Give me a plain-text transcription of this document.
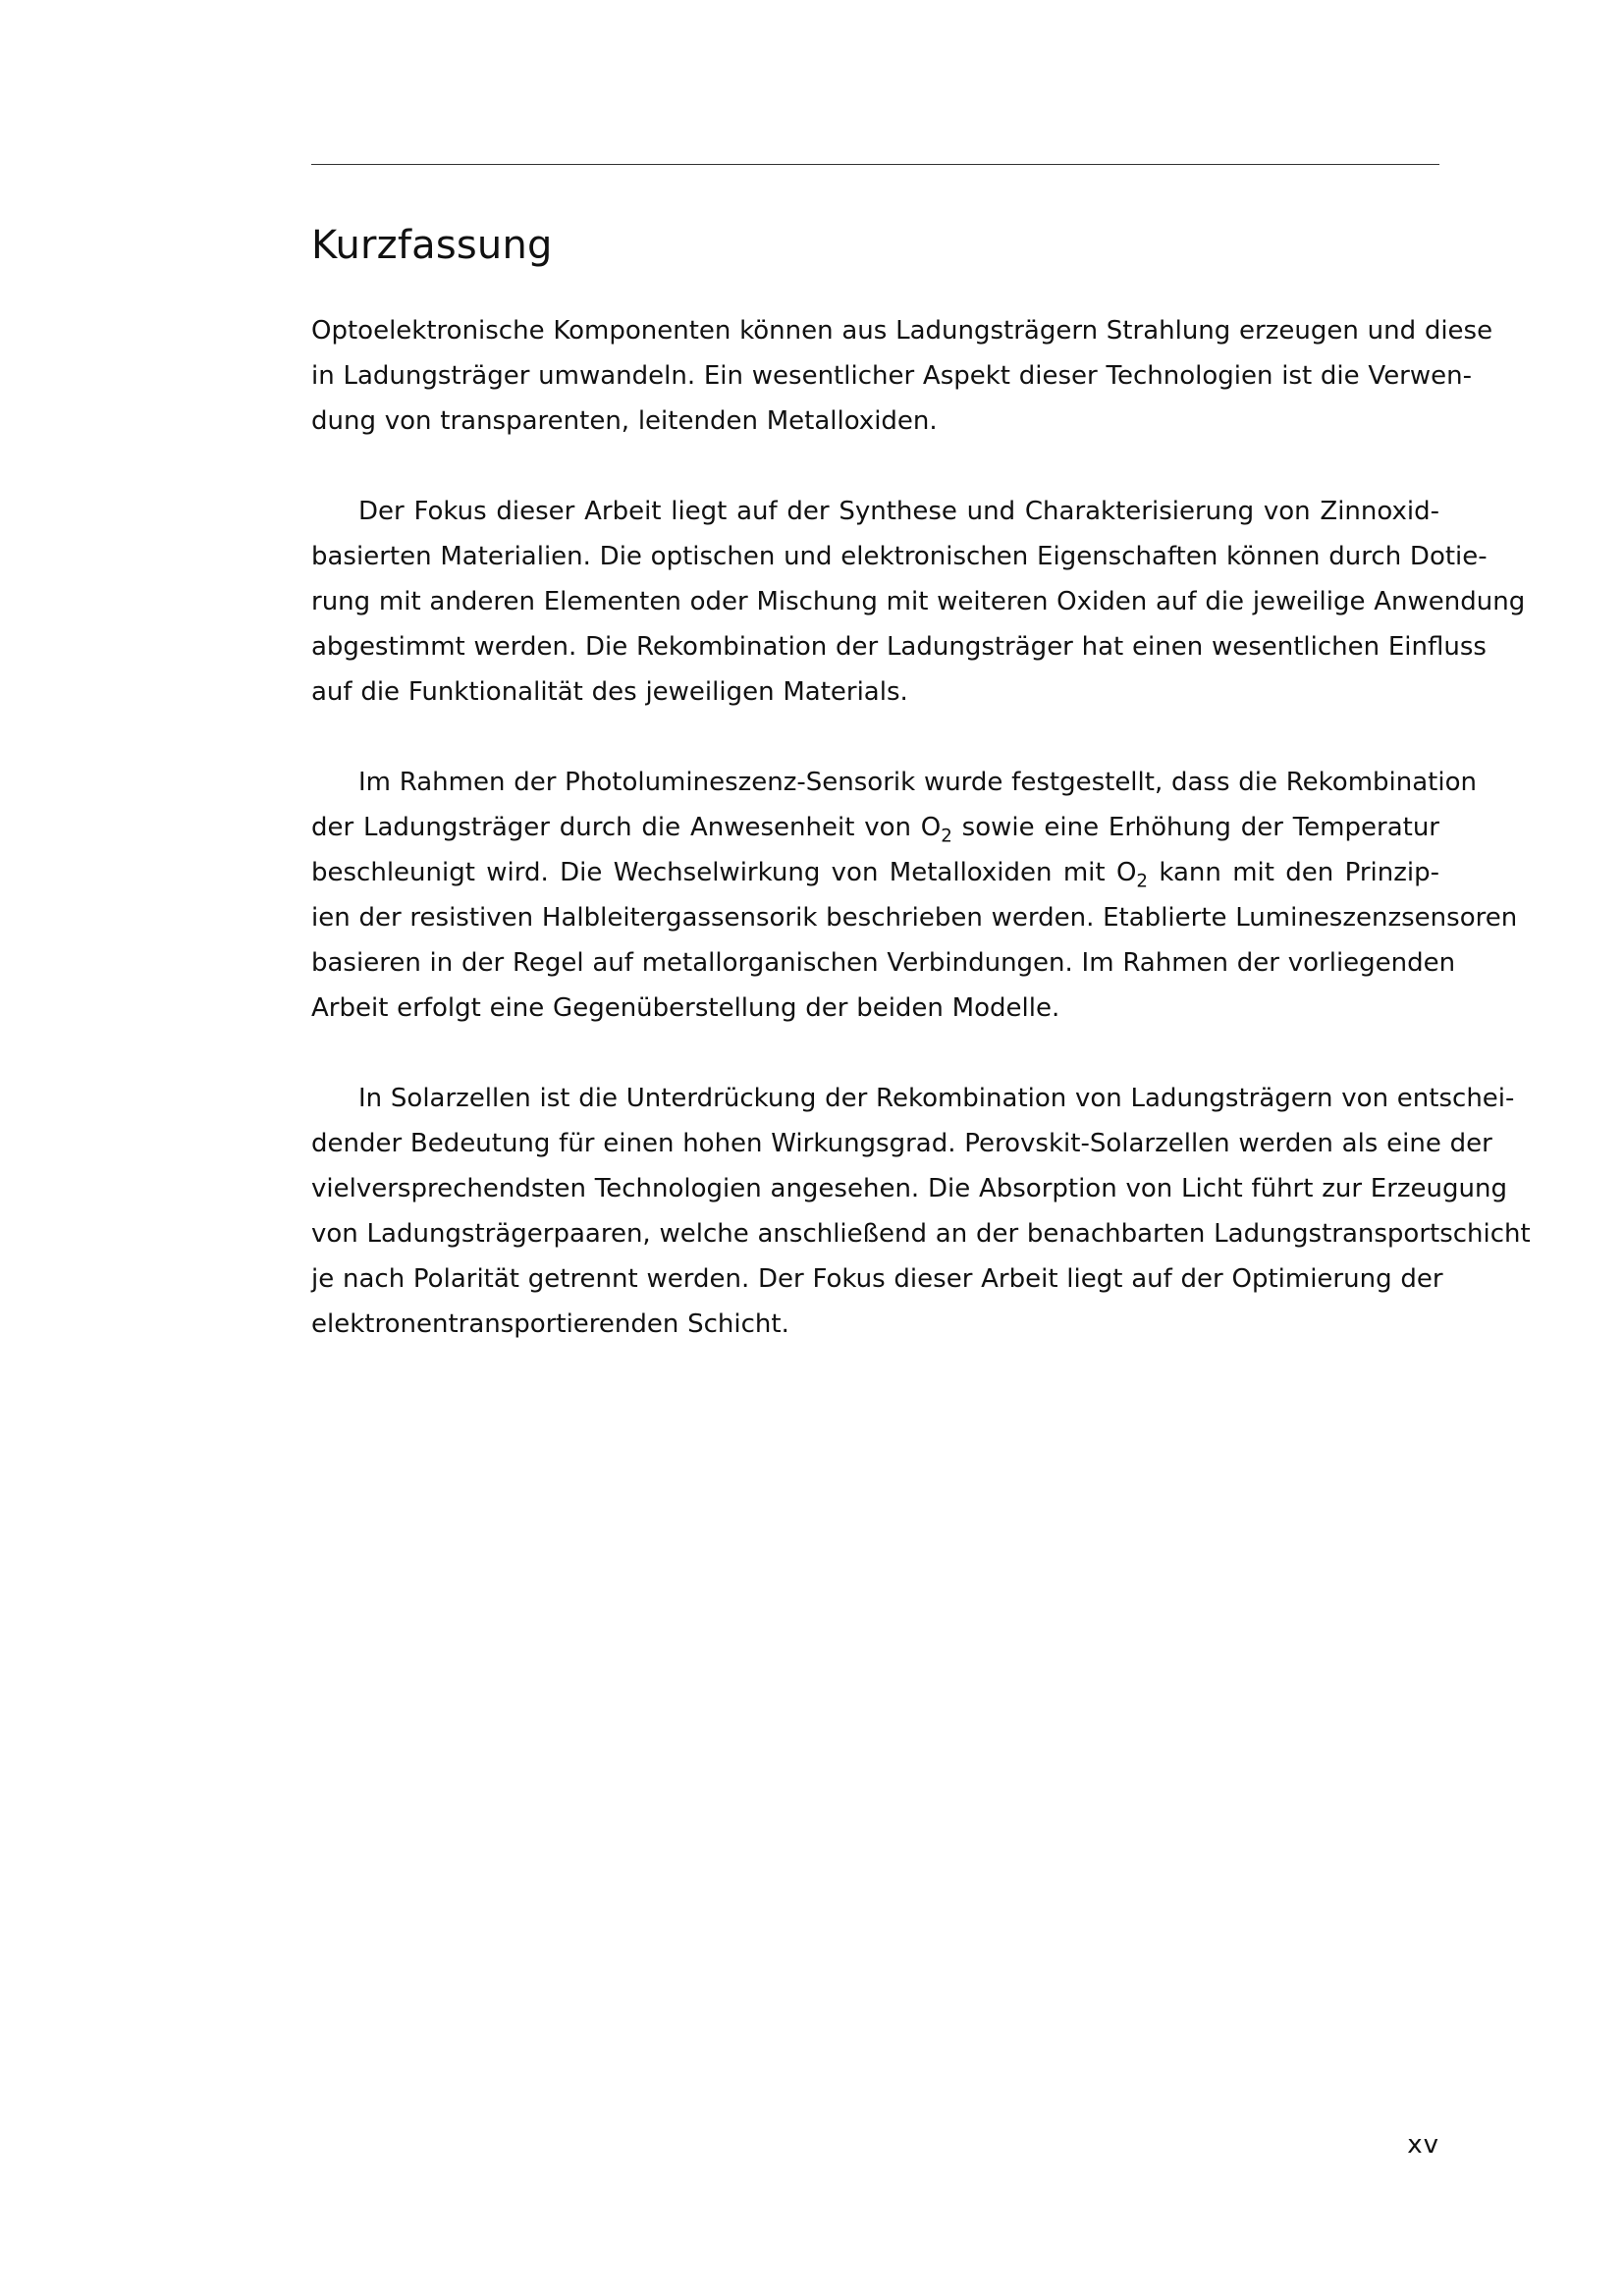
Kurzfassung

Optoelektronische Komponenten können aus Ladungsträgern Strahlung erzeugen und diese
in Ladungsträger umwandeln. Ein wesentlicher Aspekt dieser Technologien ist die Verwen-
dung von transparenten, leitenden Metalloxiden.

Der Fokus dieser Arbeit liegt auf der Synthese und Charakterisierung von Zinnoxid-
basierten Materialien. Die optischen und elektronischen Eigenschaften können durch Dotie-
rung mit anderen Elementen oder Mischung mit weiteren Oxiden auf die jeweilige Anwendung
abgestimmt werden. Die Rekombination der Ladungsträger hat einen wesentlichen Einfluss
auf die Funktionalität des jeweiligen Materials.

Im Rahmen der Photolumineszenz-Sensorik wurde festgestellt, dass die Rekombination
der Ladungsträger durch die Anwesenheit von $O_2$ sowie eine Erhöhung der Temperatur
beschleunigt wird. Die Wechselwirkung von Metalloxiden mit $O_2$ kann mit den Prinzip-
ien der resistiven Halbleitergassensorik beschrieben werden. Etablierte Lumineszenzsensoren
basieren in der Regel auf metallorganischen Verbindungen. Im Rahmen der vorliegenden
Arbeit erfolgt eine Gegenüberstellung der beiden Modelle.

In Solarzellen ist die Unterdrückung der Rekombination von Ladungsträgern von entschei-
dender Bedeutung für einen hohen Wirkungsgrad. Perovskit-Solarzellen werden als eine der
vielversprechendsten Technologien angesehen. Die Absorption von Licht führt zur Erzeugung
von Ladungsträgerpaaren, welche anschließend an der benachbarten Ladungstransportschicht
je nach Polarität getrennt werden. Der Fokus dieser Arbeit liegt auf der Optimierung der
elektronentransportierenden Schicht.

xv
